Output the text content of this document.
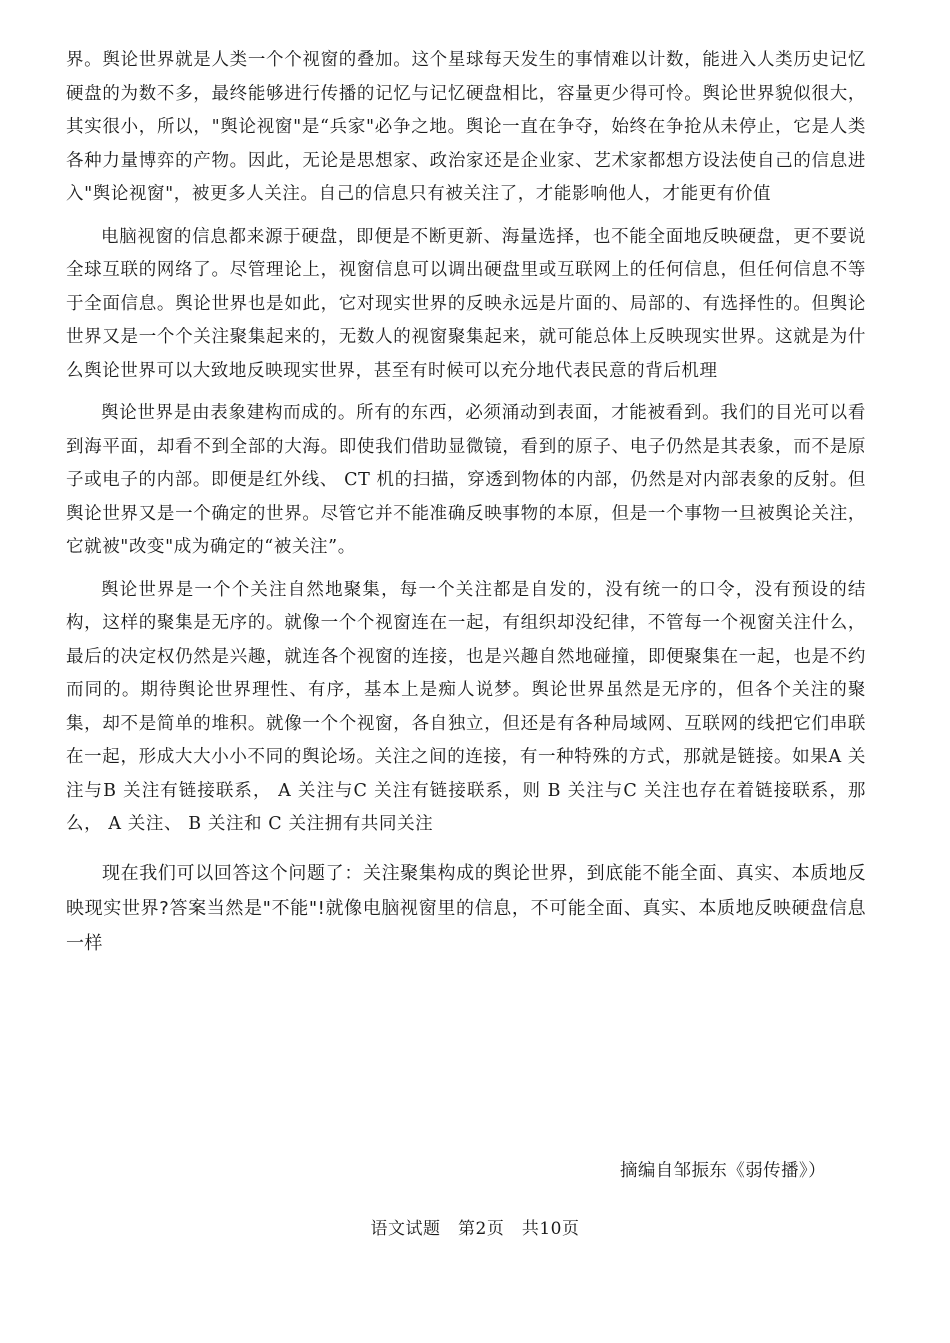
界。舆论世界就是人类一个个视窗的叠加。这个星球每天发生的事情难以计数，能进入人类历史记忆硬盘的为数不多，最终能够进行传播的记忆与记忆硬盘相比，容量更少得可怜。舆论世界貌似很大，其实很小，所以，"舆论视窗"是“兵家"必争之地。舆论一直在争夺，始终在争抢从未停止，它是人类各种力量博弈的产物。因此，无论是思想家、政治家还是企业家、艺术家都想方设法使自己的信息进入"舆论视窗"，被更多人关注。自己的信息只有被关注了，才能影响他人，才能更有价值

电脑视窗的信息都来源于硬盘，即便是不断更新、海量选择，也不能全面地反映硬盘，更不要说全球互联的网络了。尽管理论上，视窗信息可以调出硬盘里或互联网上的任何信息，但任何信息不等于全面信息。舆论世界也是如此，它对现实世界的反映永远是片面的、局部的、有选择性的。但舆论世界又是一个个关注聚集起来的，无数人的视窗聚集起来，就可能总体上反映现实世界。这就是为什么舆论世界可以大致地反映现实世界，甚至有时候可以充分地代表民意的背后机理

舆论世界是由表象建构而成的。所有的东西，必须涌动到表面，才能被看到。我们的目光可以看到海平面，却看不到全部的大海。即使我们借助显微镜，看到的原子、电子仍然是其表象，而不是原子或电子的内部。即便是红外线、 CT 机的扫描，穿透到物体的内部，仍然是对内部表象的反射。但舆论世界又是一个确定的世界。尽管它并不能准确反映事物的本原，但是一个事物一旦被舆论关注，它就被"改变"成为确定的“被关注”。

舆论世界是一个个关注自然地聚集，每一个关注都是自发的，没有统一的口令，没有预设的结构，这样的聚集是无序的。就像一个个视窗连在一起，有组织却没纪律，不管每一个视窗关注什么，最后的决定权仍然是兴趣，就连各个视窗的连接，也是兴趣自然地碰撞，即便聚集在一起，也是不约而同的。期待舆论世界理性、有序，基本上是痴人说梦。舆论世界虽然是无序的，但各个关注的聚集，却不是简单的堆积。就像一个个视窗，各自独立，但还是有各种局域网、互联网的线把它们串联在一起，形成大大小小不同的舆论场。关注之间的连接，有一种特殊的方式，那就是链接。如果A 关注与B 关注有链接联系， A 关注与C 关注有链接联系，则 B 关注与C 关注也存在着链接联系，那么， A 关注、 B 关注和 C 关注拥有共同关注

现在我们可以回答这个问题了：关注聚集构成的舆论世界，到底能不能全面、真实、本质地反映现实世界?答案当然是"不能"!就像电脑视窗里的信息，不可能全面、真实、本质地反映硬盘信息一样

摘编自邹振东《弱传播》）
语文试题　第2页　共10页
